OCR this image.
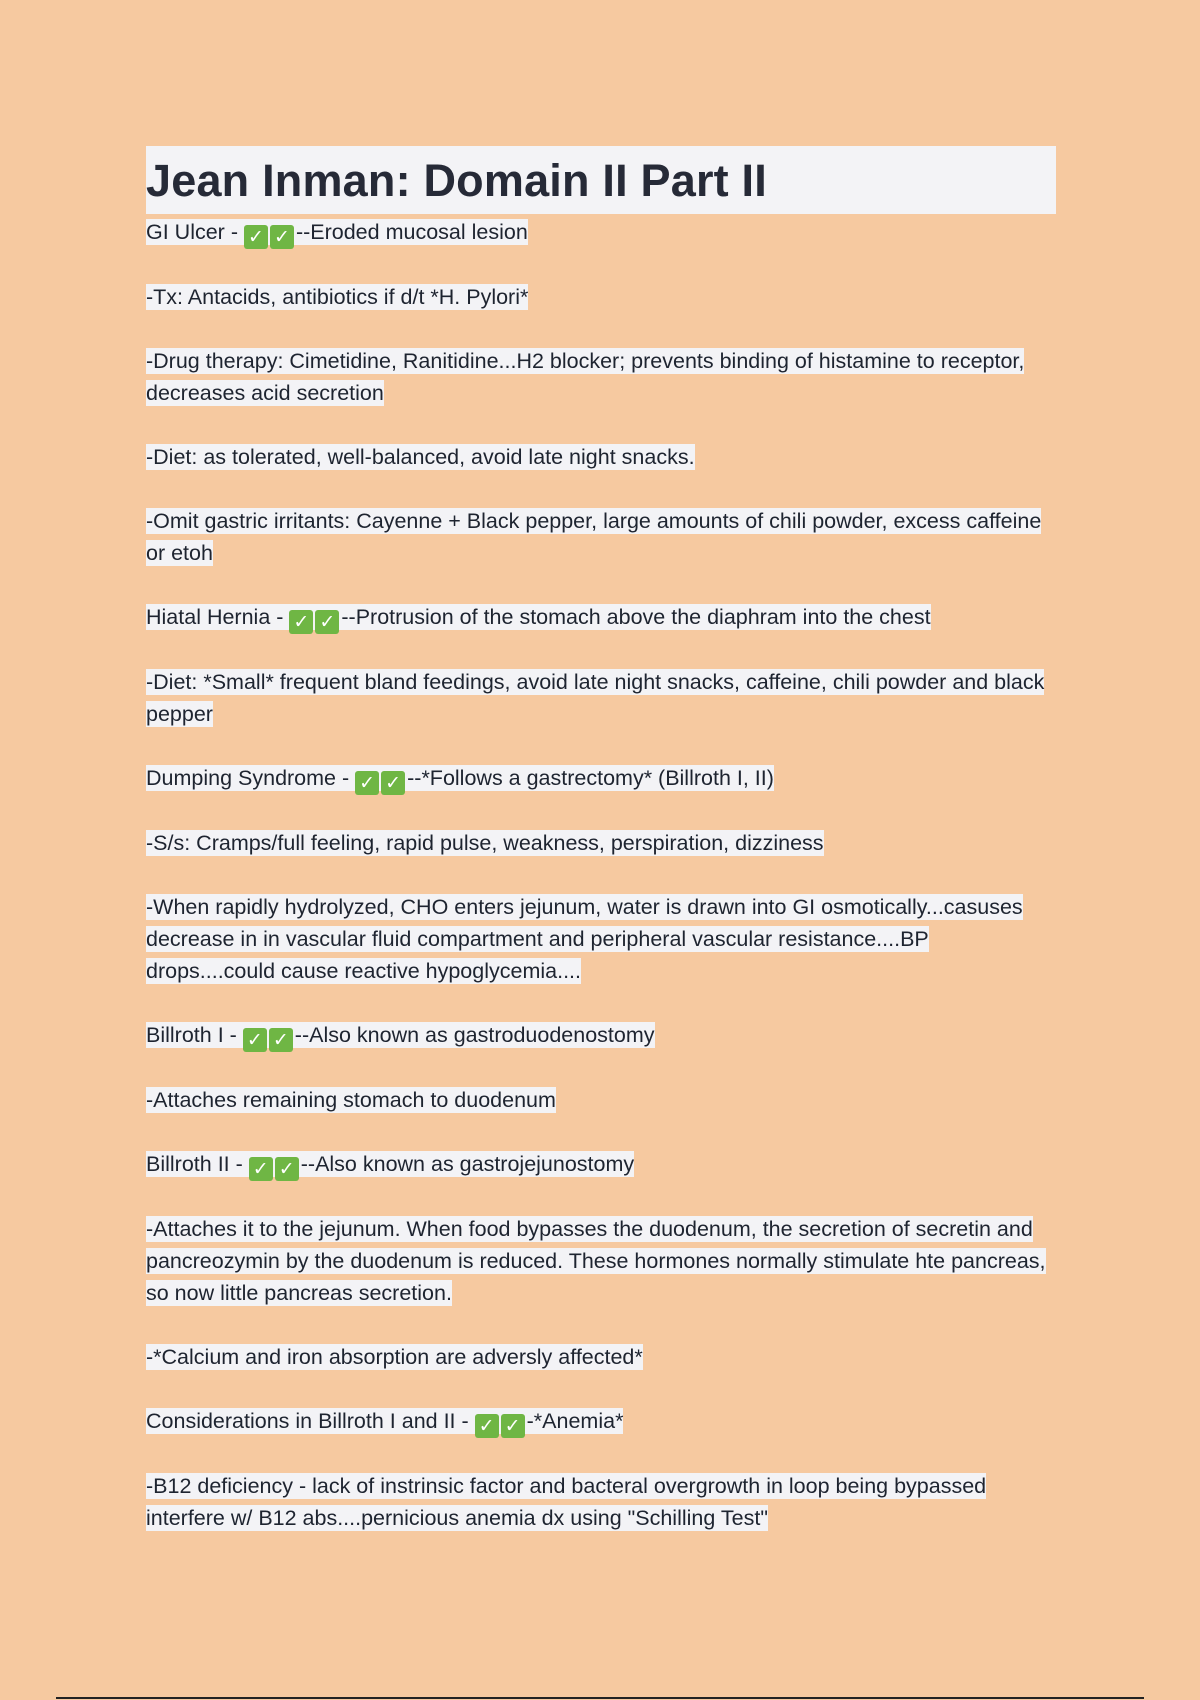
Jean Inman: Domain II Part II

GI Ulcer - ✓ ✓ --Eroded mucosal lesion

-Tx: Antacids, antibiotics if d/t *H. Pylori*

-Drug therapy: Cimetidine, Ranitidine...H2 blocker; prevents binding of histamine to receptor, decreases acid secretion

-Diet: as tolerated, well-balanced, avoid late night snacks.

-Omit gastric irritants: Cayenne + Black pepper, large amounts of chili powder, excess caffeine or etoh

Hiatal Hernia - ✓ ✓ --Protrusion of the stomach above the diaphram into the chest

-Diet: *Small* frequent bland feedings, avoid late night snacks, caffeine, chili powder and black pepper

Dumping Syndrome - ✓ ✓ --*Follows a gastrectomy* (Billroth I, II)

-S/s: Cramps/full feeling, rapid pulse, weakness, perspiration, dizziness

-When rapidly hydrolyzed, CHO enters jejunum, water is drawn into GI osmotically...casuses decrease in in vascular fluid compartment and peripheral vascular resistance....BP drops....could cause reactive hypoglycemia....

Billroth I - ✓ ✓ --Also known as gastroduodenostomy

-Attaches remaining stomach to duodenum

Billroth II - ✓ ✓ --Also known as gastrojejunostomy

-Attaches it to the jejunum. When food bypasses the duodenum, the secretion of secretin and pancreozymin by the duodenum is reduced. These hormones normally stimulate hte pancreas, so now little pancreas secretion.

-*Calcium and iron absorption are adversly affected*

Considerations in Billroth I and II - ✓ ✓ -*Anemia*

-B12 deficiency - lack of instrinsic factor and bacteral overgrowth in loop being bypassed interfere w/ B12 abs....pernicious anemia dx using "Schilling Test"
